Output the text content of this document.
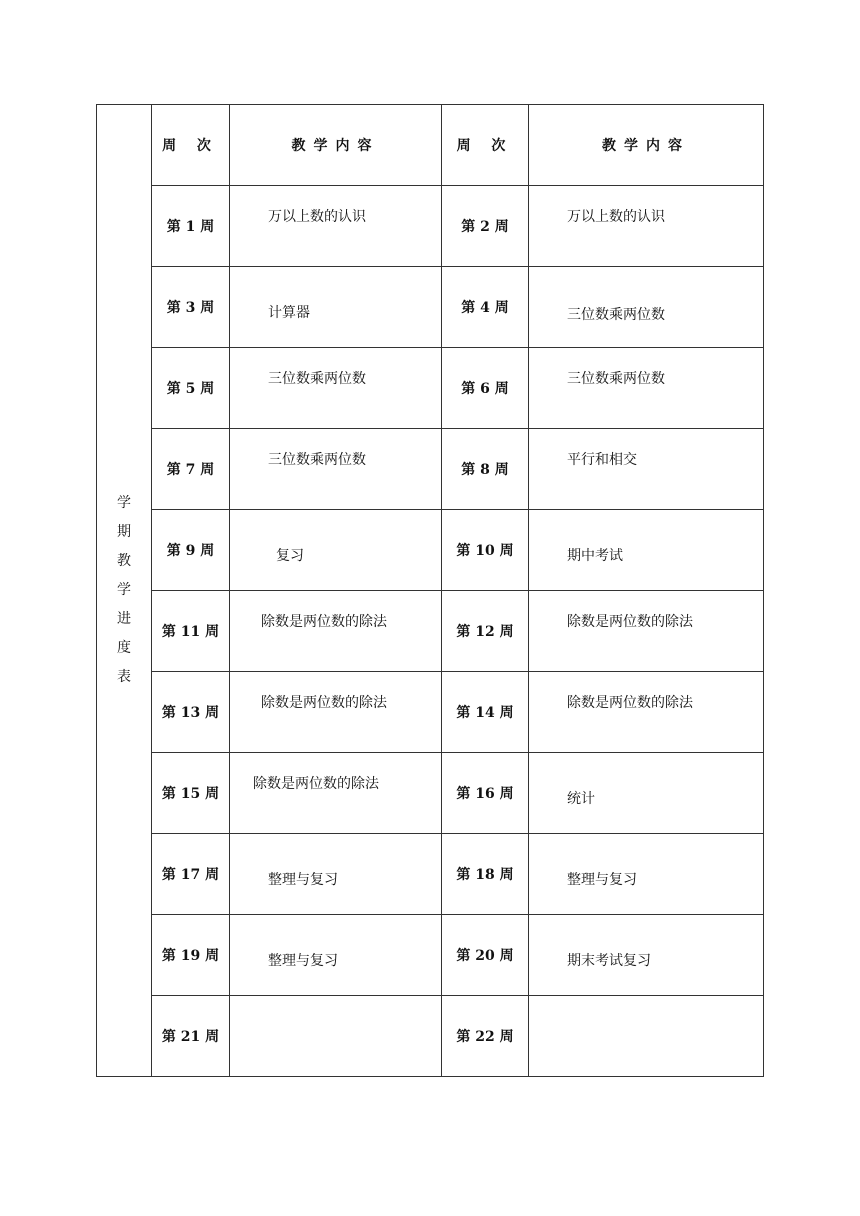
学期教学进度表	周 次	教学内容	周 次	教学内容
	第 1 周	万以上数的认识	第 2 周	万以上数的认识

	第 3 周	计算器	第 4 周	三位数乘两位数

	第 5 周	三位数乘两位数	第 6 周	三位数乘两位数

	第 7 周	三位数乘两位数	第 8 周	平行和相交

	第 9 周	复习	第 10 周	期中考试

	第 11 周	除数是两位数的除法	第 12 周	除数是两位数的除法

	第 13 周	除数是两位数的除法	第 14 周	除数是两位数的除法

	第 15 周	除数是两位数的除法	第 16 周	统计

	第 17 周	整理与复习	第 18 周	整理与复习

	第 19 周	整理与复习	第 20 周	期末考试复习

	第 21 周		第 22 周	
